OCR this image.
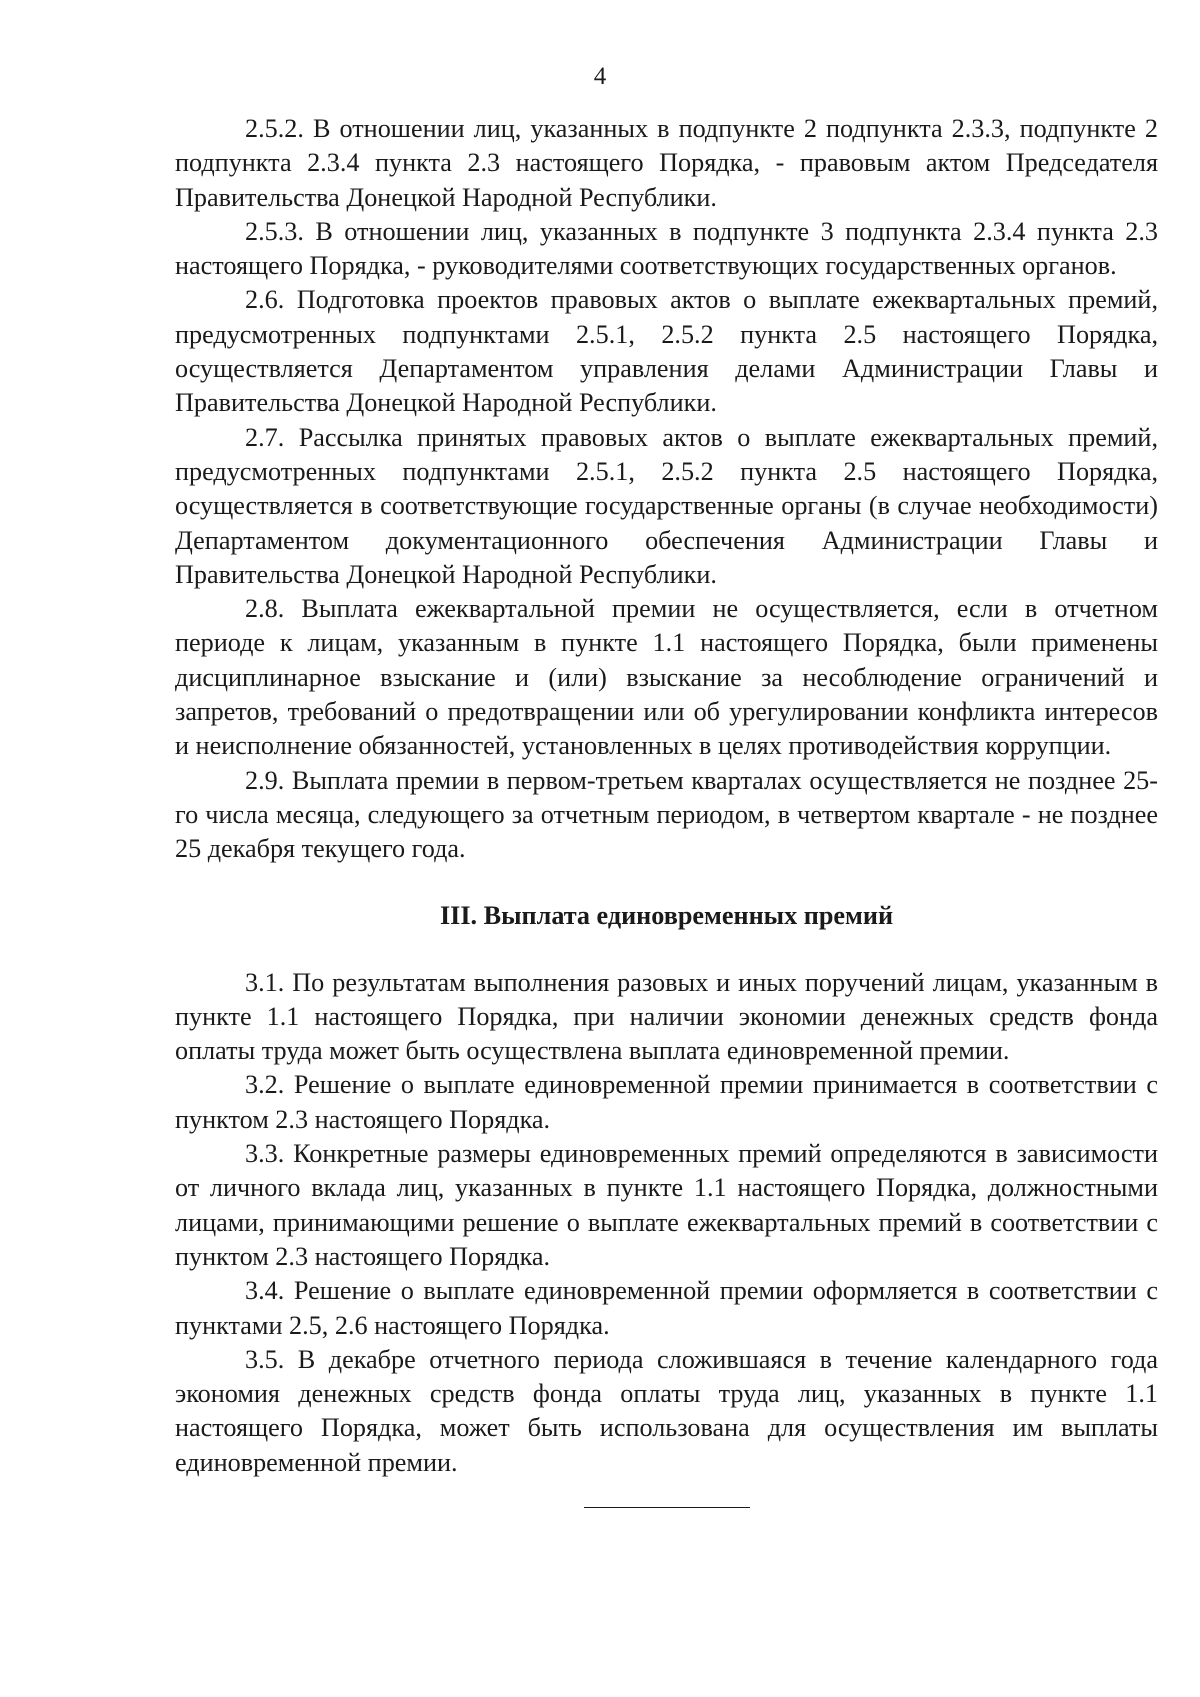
4

2.5.2. В отношении лиц, указанных в подпункте 2 подпункта 2.3.3, подпункте 2 подпункта 2.3.4 пункта 2.3 настоящего Порядка, - правовым актом Председателя Правительства Донецкой Народной Республики.

2.5.3. В отношении лиц, указанных в подпункте 3 подпункта 2.3.4 пункта 2.3 настоящего Порядка, - руководителями соответствующих государственных органов.

2.6. Подготовка проектов правовых актов о выплате ежеквартальных премий, предусмотренных подпунктами 2.5.1, 2.5.2 пункта 2.5 настоящего Порядка, осуществляется Департаментом управления делами Администрации Главы и Правительства Донецкой Народной Республики.

2.7. Рассылка принятых правовых актов о выплате ежеквартальных премий, предусмотренных подпунктами 2.5.1, 2.5.2 пункта 2.5 настоящего Порядка, осуществляется в соответствующие государственные органы (в случае необходимости) Департаментом документационного обеспечения Администрации Главы и Правительства Донецкой Народной Республики.

2.8. Выплата ежеквартальной премии не осуществляется, если в отчетном периоде к лицам, указанным в пункте 1.1 настоящего Порядка, были применены дисциплинарное взыскание и (или) взыскание за несоблюдение ограничений и запретов, требований о предотвращении или об урегулировании конфликта интересов и неисполнение обязанностей, установленных в целях противодействия коррупции.

2.9. Выплата премии в первом-третьем кварталах осуществляется не позднее 25-го числа месяца, следующего за отчетным периодом, в четвертом квартале - не позднее 25 декабря текущего года.

III. Выплата единовременных премий

3.1. По результатам выполнения разовых и иных поручений лицам, указанным в пункте 1.1 настоящего Порядка, при наличии экономии денежных средств фонда оплаты труда может быть осуществлена выплата единовременной премии.

3.2. Решение о выплате единовременной премии принимается в соответствии с пунктом 2.3 настоящего Порядка.

3.3. Конкретные размеры единовременных премий определяются в зависимости от личного вклада лиц, указанных в пункте 1.1 настоящего Порядка, должностными лицами, принимающими решение о выплате ежеквартальных премий в соответствии с пунктом 2.3 настоящего Порядка.

3.4. Решение о выплате единовременной премии оформляется в соответствии с пунктами 2.5, 2.6 настоящего Порядка.

3.5. В декабре отчетного периода сложившаяся в течение календарного года экономия денежных средств фонда оплаты труда лиц, указанных в пункте 1.1 настоящего Порядка, может быть использована для осуществления им выплаты единовременной премии.
